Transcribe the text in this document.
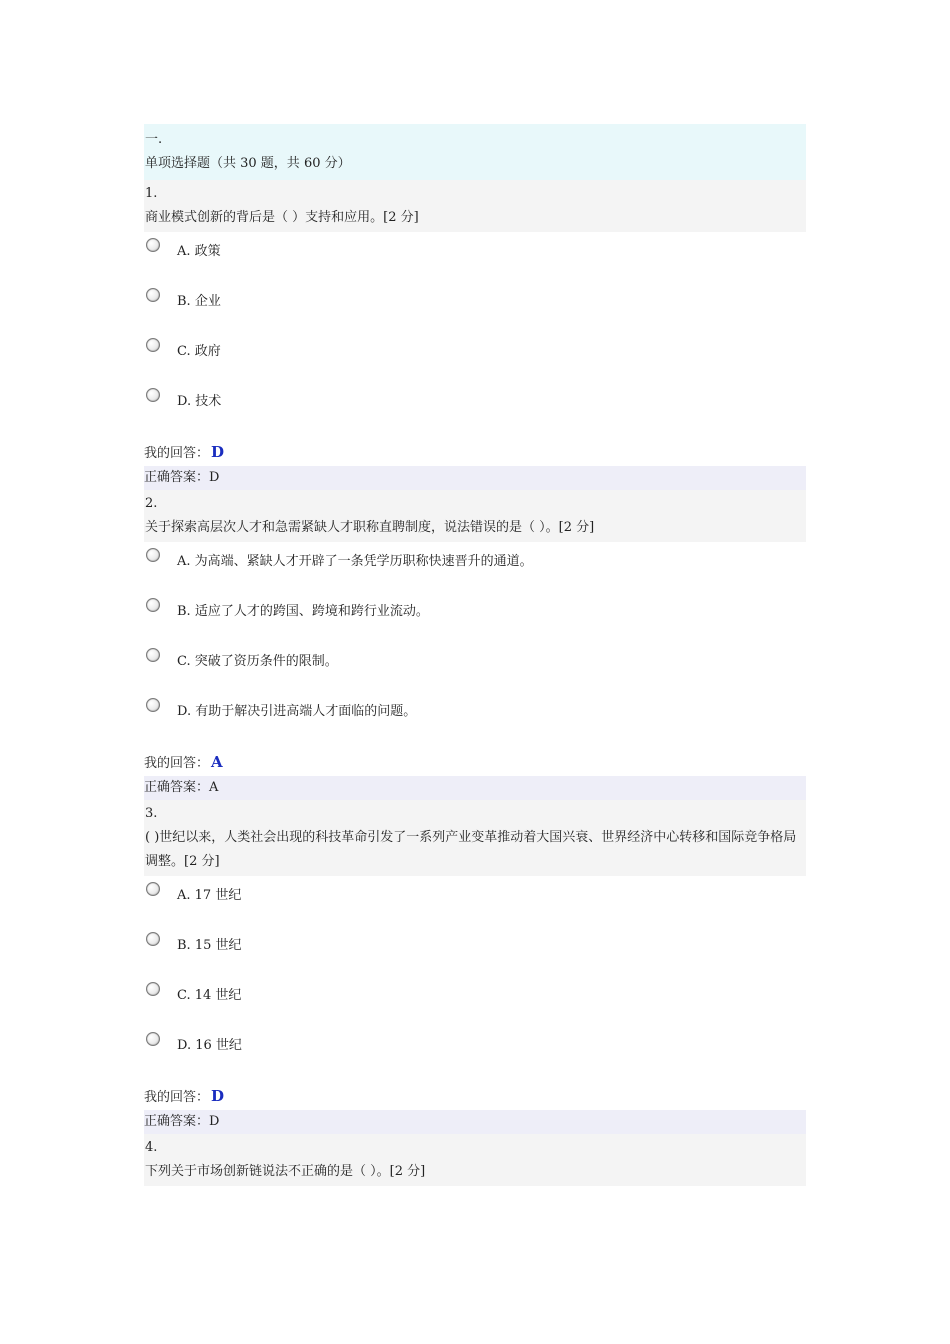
一.
单项选择题（共 30 题，共 60 分）
1.
商业模式创新的背后是（ ）支持和应用。[2 分]
A. 政策
B. 企业
C. 政府
D. 技术
我的回答： D
正确答案：D
2.
关于探索高层次人才和急需紧缺人才职称直聘制度，说法错误的是（ ）。[2 分]
A. 为高端、紧缺人才开辟了一条凭学历职称快速晋升的通道。
B. 适应了人才的跨国、跨境和跨行业流动。
C. 突破了资历条件的限制。
D. 有助于解决引进高端人才面临的问题。
我的回答： A
正确答案：A
3.
( )世纪以来，人类社会出现的科技革命引发了一系列产业变革推动着大国兴衰、世界经济中心转移和国际竞争格局调整。[2 分]
A. 17 世纪
B. 15 世纪
C. 14 世纪
D. 16 世纪
我的回答： D
正确答案：D
4.
下列关于市场创新链说法不正确的是（ ）。[2 分]
